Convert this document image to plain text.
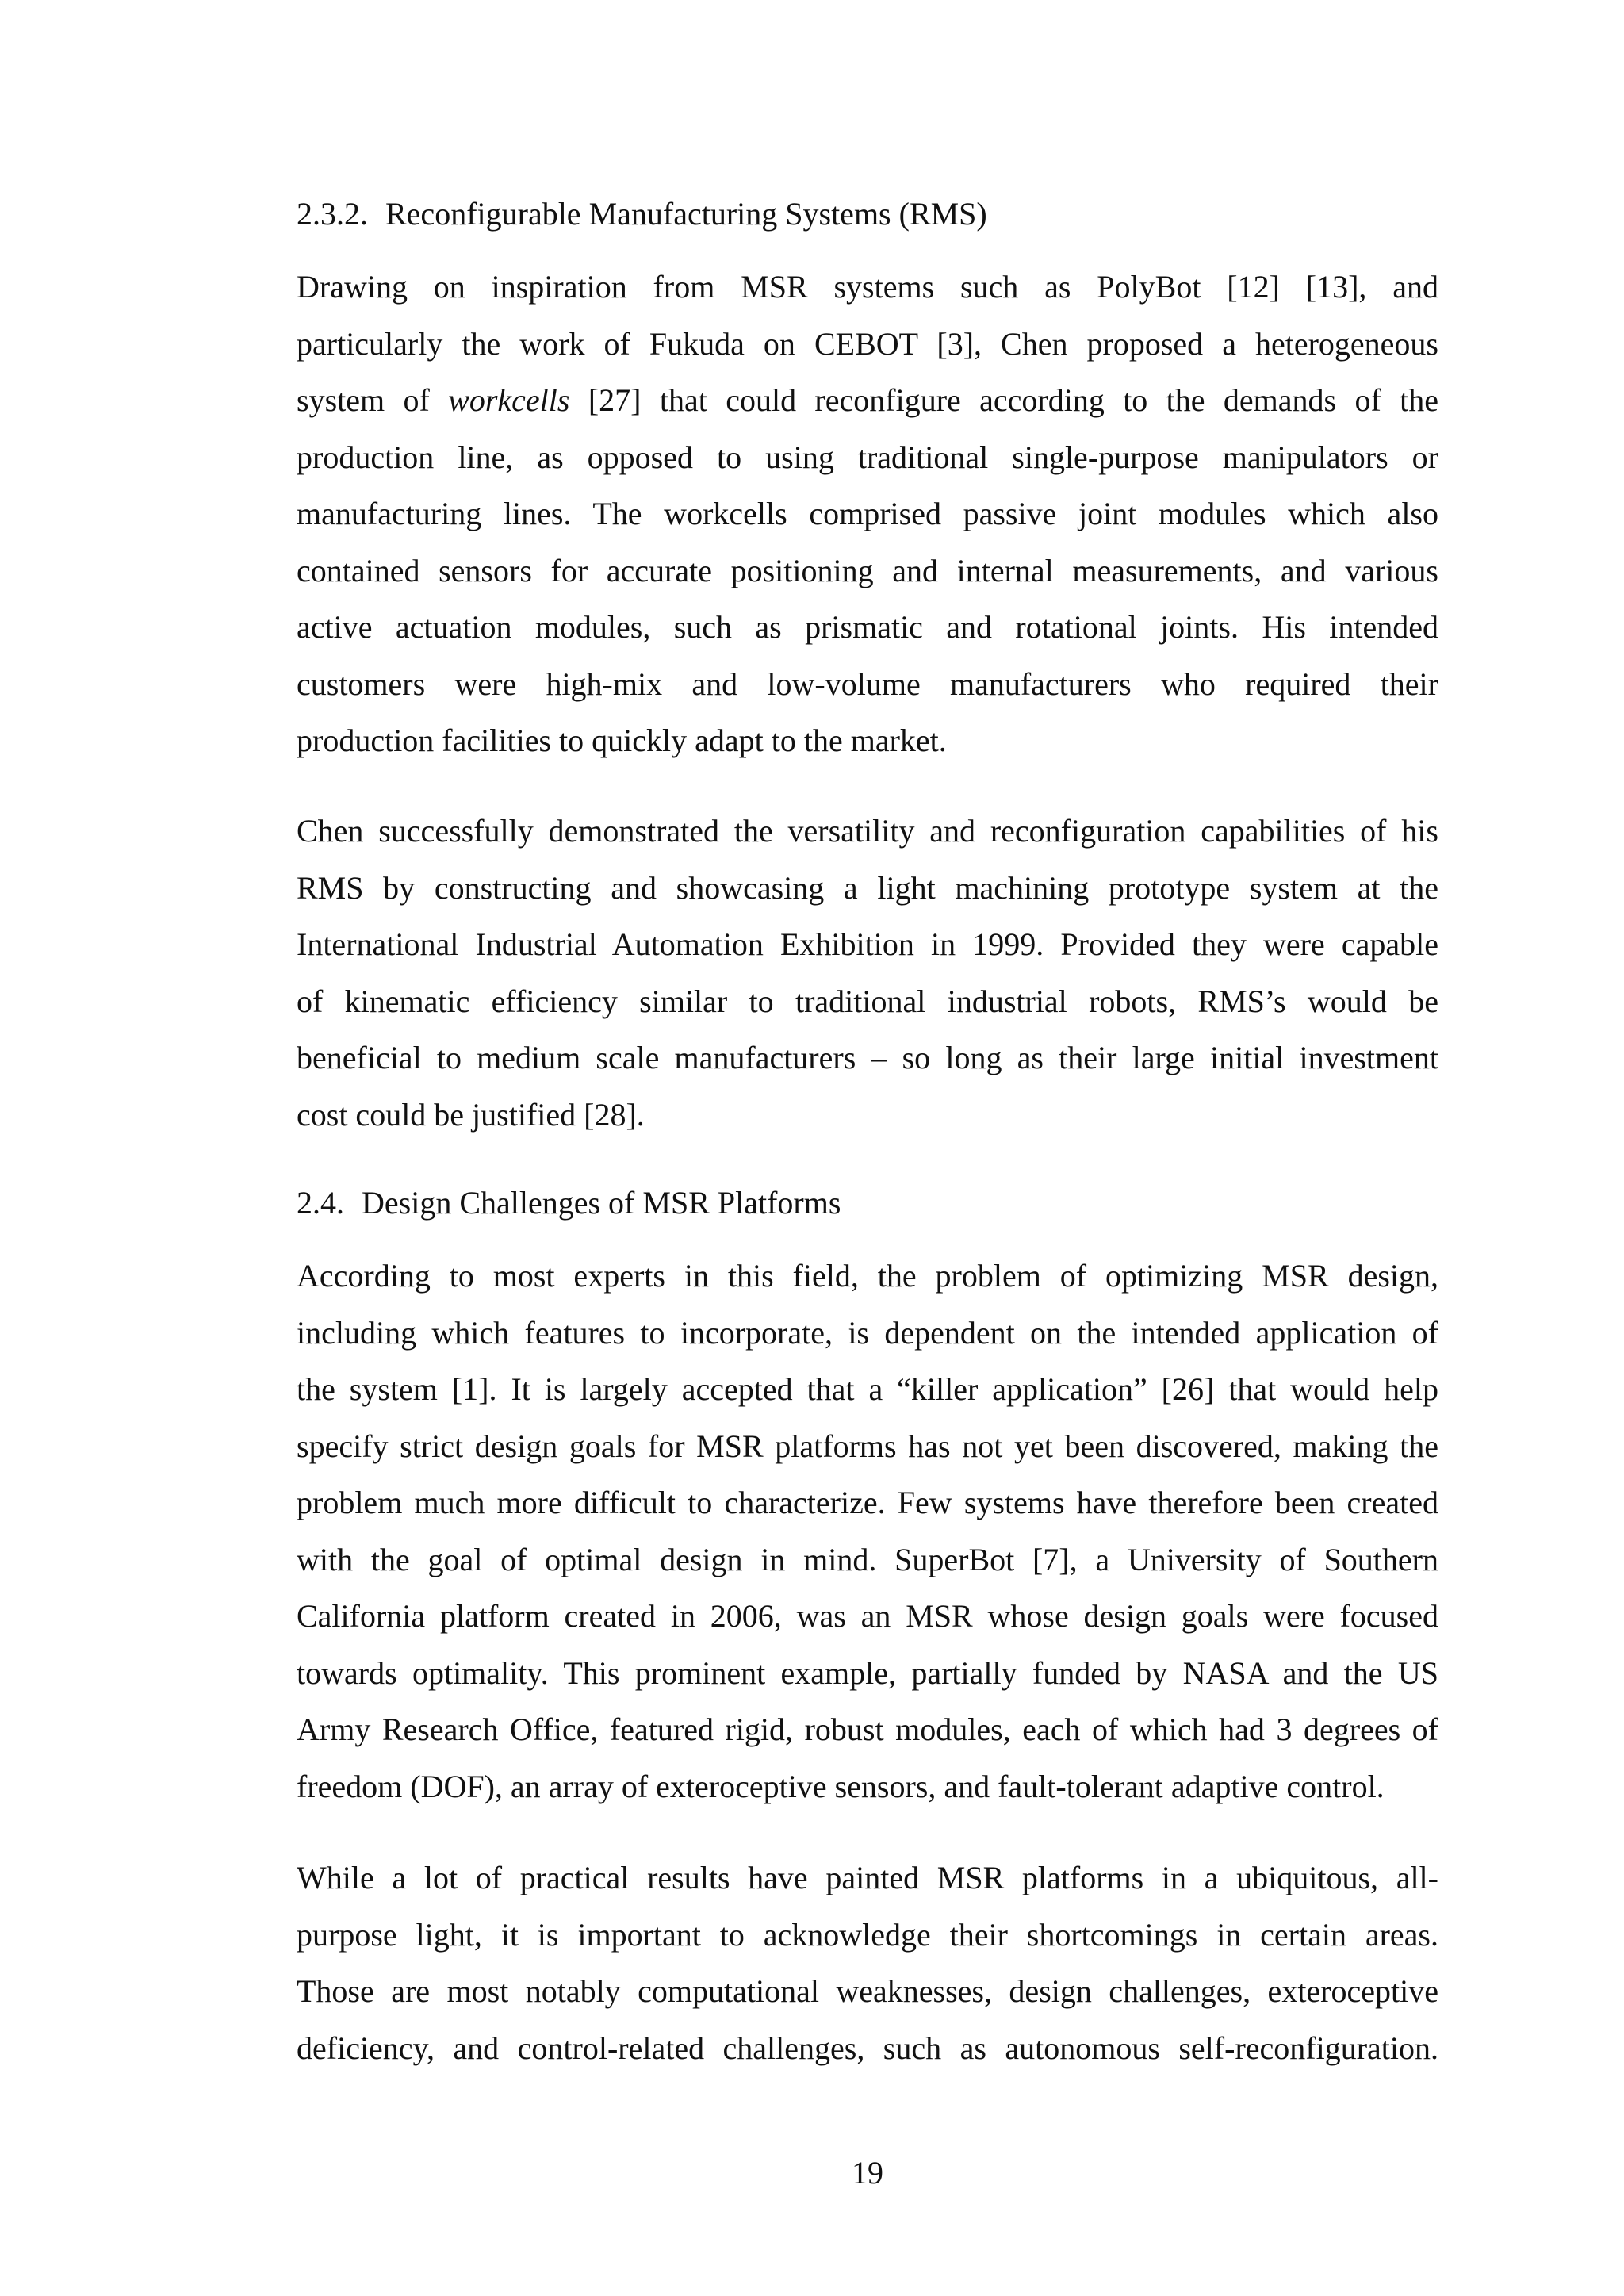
2.3.2. Reconfigurable Manufacturing Systems (RMS)
Drawing on inspiration from MSR systems such as PolyBot [12] [13], and
particularly the work of Fukuda on CEBOT [3], Chen proposed a heterogeneous
system of workcells [27] that could reconfigure according to the demands of the
production line, as opposed to using traditional single-purpose manipulators or
manufacturing lines. The workcells comprised passive joint modules which also
contained sensors for accurate positioning and internal measurements, and various
active actuation modules, such as prismatic and rotational joints. His intended
customers were high-mix and low-volume manufacturers who required their
production facilities to quickly adapt to the market.
Chen successfully demonstrated the versatility and reconfiguration capabilities of his
RMS by constructing and showcasing a light machining prototype system at the
International Industrial Automation Exhibition in 1999. Provided they were capable
of kinematic efficiency similar to traditional industrial robots, RMS’s would be
beneficial to medium scale manufacturers – so long as their large initial investment
cost could be justified [28].
2.4. Design Challenges of MSR Platforms
According to most experts in this field, the problem of optimizing MSR design,
including which features to incorporate, is dependent on the intended application of
the system [1]. It is largely accepted that a “killer application” [26] that would help
specify strict design goals for MSR platforms has not yet been discovered, making the
problem much more difficult to characterize. Few systems have therefore been created
with the goal of optimal design in mind. SuperBot [7], a University of Southern
California platform created in 2006, was an MSR whose design goals were focused
towards optimality. This prominent example, partially funded by NASA and the US
Army Research Office, featured rigid, robust modules, each of which had 3 degrees of
freedom (DOF), an array of exteroceptive sensors, and fault-tolerant adaptive control.
While a lot of practical results have painted MSR platforms in a ubiquitous, all-
purpose light, it is important to acknowledge their shortcomings in certain areas.
Those are most notably computational weaknesses, design challenges, exteroceptive
deficiency, and control-related challenges, such as autonomous self-reconfiguration.

19
